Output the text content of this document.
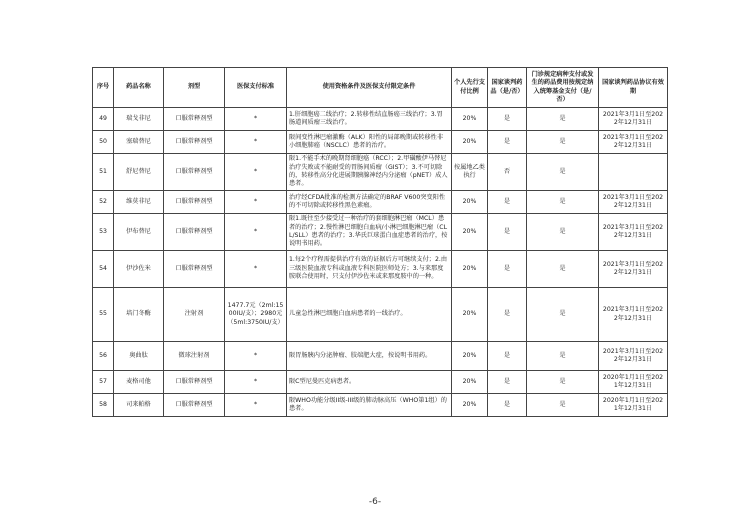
序号	药品名称	剂型	医保支付标准	使用资格条件及医保支付限定条件	个人先行支付比例	国家谈判药品（是/否）	门诊规定病种支付或发生的药品费用按规定纳入统筹基金支付（是/否）	国家谈判药品协议有效期
49	瑞戈非尼	口服常释剂型	*	1.肝细胞癌二线治疗；2.转移性结直肠癌三线治疗；3.胃肠道间质瘤三线治疗。	20%	是	是	2021年3月1日至2022年12月31日
50	塞瑞替尼	口服常释剂型	*	限间变性淋巴瘤激酶（ALK）阳性的局部晚期或转移性非小细胞肺癌（NSCLC）患者的治疗。	20%	是	是	2021年3月1日至2022年12月31日
51	舒尼替尼	口服常释剂型	*	限1.不能手术的晚期肾细胞癌（RCC）；2.甲磺酸伊马替尼治疗失败或不能耐受的胃肠间质瘤（GIST）；3.不可切除的，转移性高分化进展期胰腺神经内分泌瘤（pNET）成人患者。	按属地乙类执行	否	是	
52	维莫非尼	口服常释剂型	*	治疗经CFDA批准的检测方法确定的BRAF V600突变阳性的不可切除或转移性黑色素瘤。	20%	是	是	2021年3月1日至2022年12月31日
53	伊布替尼	口服常释剂型	*	限1.既往至少接受过一种治疗的套细胞淋巴瘤（MCL）患者的治疗；2.慢性淋巴细胞白血病/小淋巴细胞淋巴瘤（CLL/SLL）患者的治疗；3.华氏巨球蛋白血症患者的治疗，按说明书用药。	20%	是	是	2021年3月1日至2022年12月31日
54	伊沙佐米	口服常释剂型	*	1.每2个疗程需提供治疗有效的证据后方可继续支付；2.由三级医院血液专科或血液专科医院医师处方；3.与来那度胺联合使用时，只支付伊沙佐米或来那度胺中的一种。	20%	是	是	2021年3月1日至2022年12月31日
55	培门冬酶	注射剂	1477.7元（2ml:1500IU/支）；2980元（5ml:3750IU/支）	儿童急性淋巴细胞白血病患者的一线治疗。	20%	是	是	2021年3月1日至2022年12月31日
56	奥曲肽	微球注射剂	*	限胃肠胰内分泌肿瘤、肢端肥大症，按说明书用药。	20%	是	是	2021年3月1日至2022年12月31日
57	麦格司他	口服常释剂型	*	限C型尼曼匹克病患者。	20%	是	是	2020年1月1日至2021年12月31日
58	司来帕格	口服常释剂型	*	限WHO功能分级II级-III级的肺动脉高压（WHO第1组）的患者。	20%	是	是	2020年1月1日至2021年12月31日
-6-
